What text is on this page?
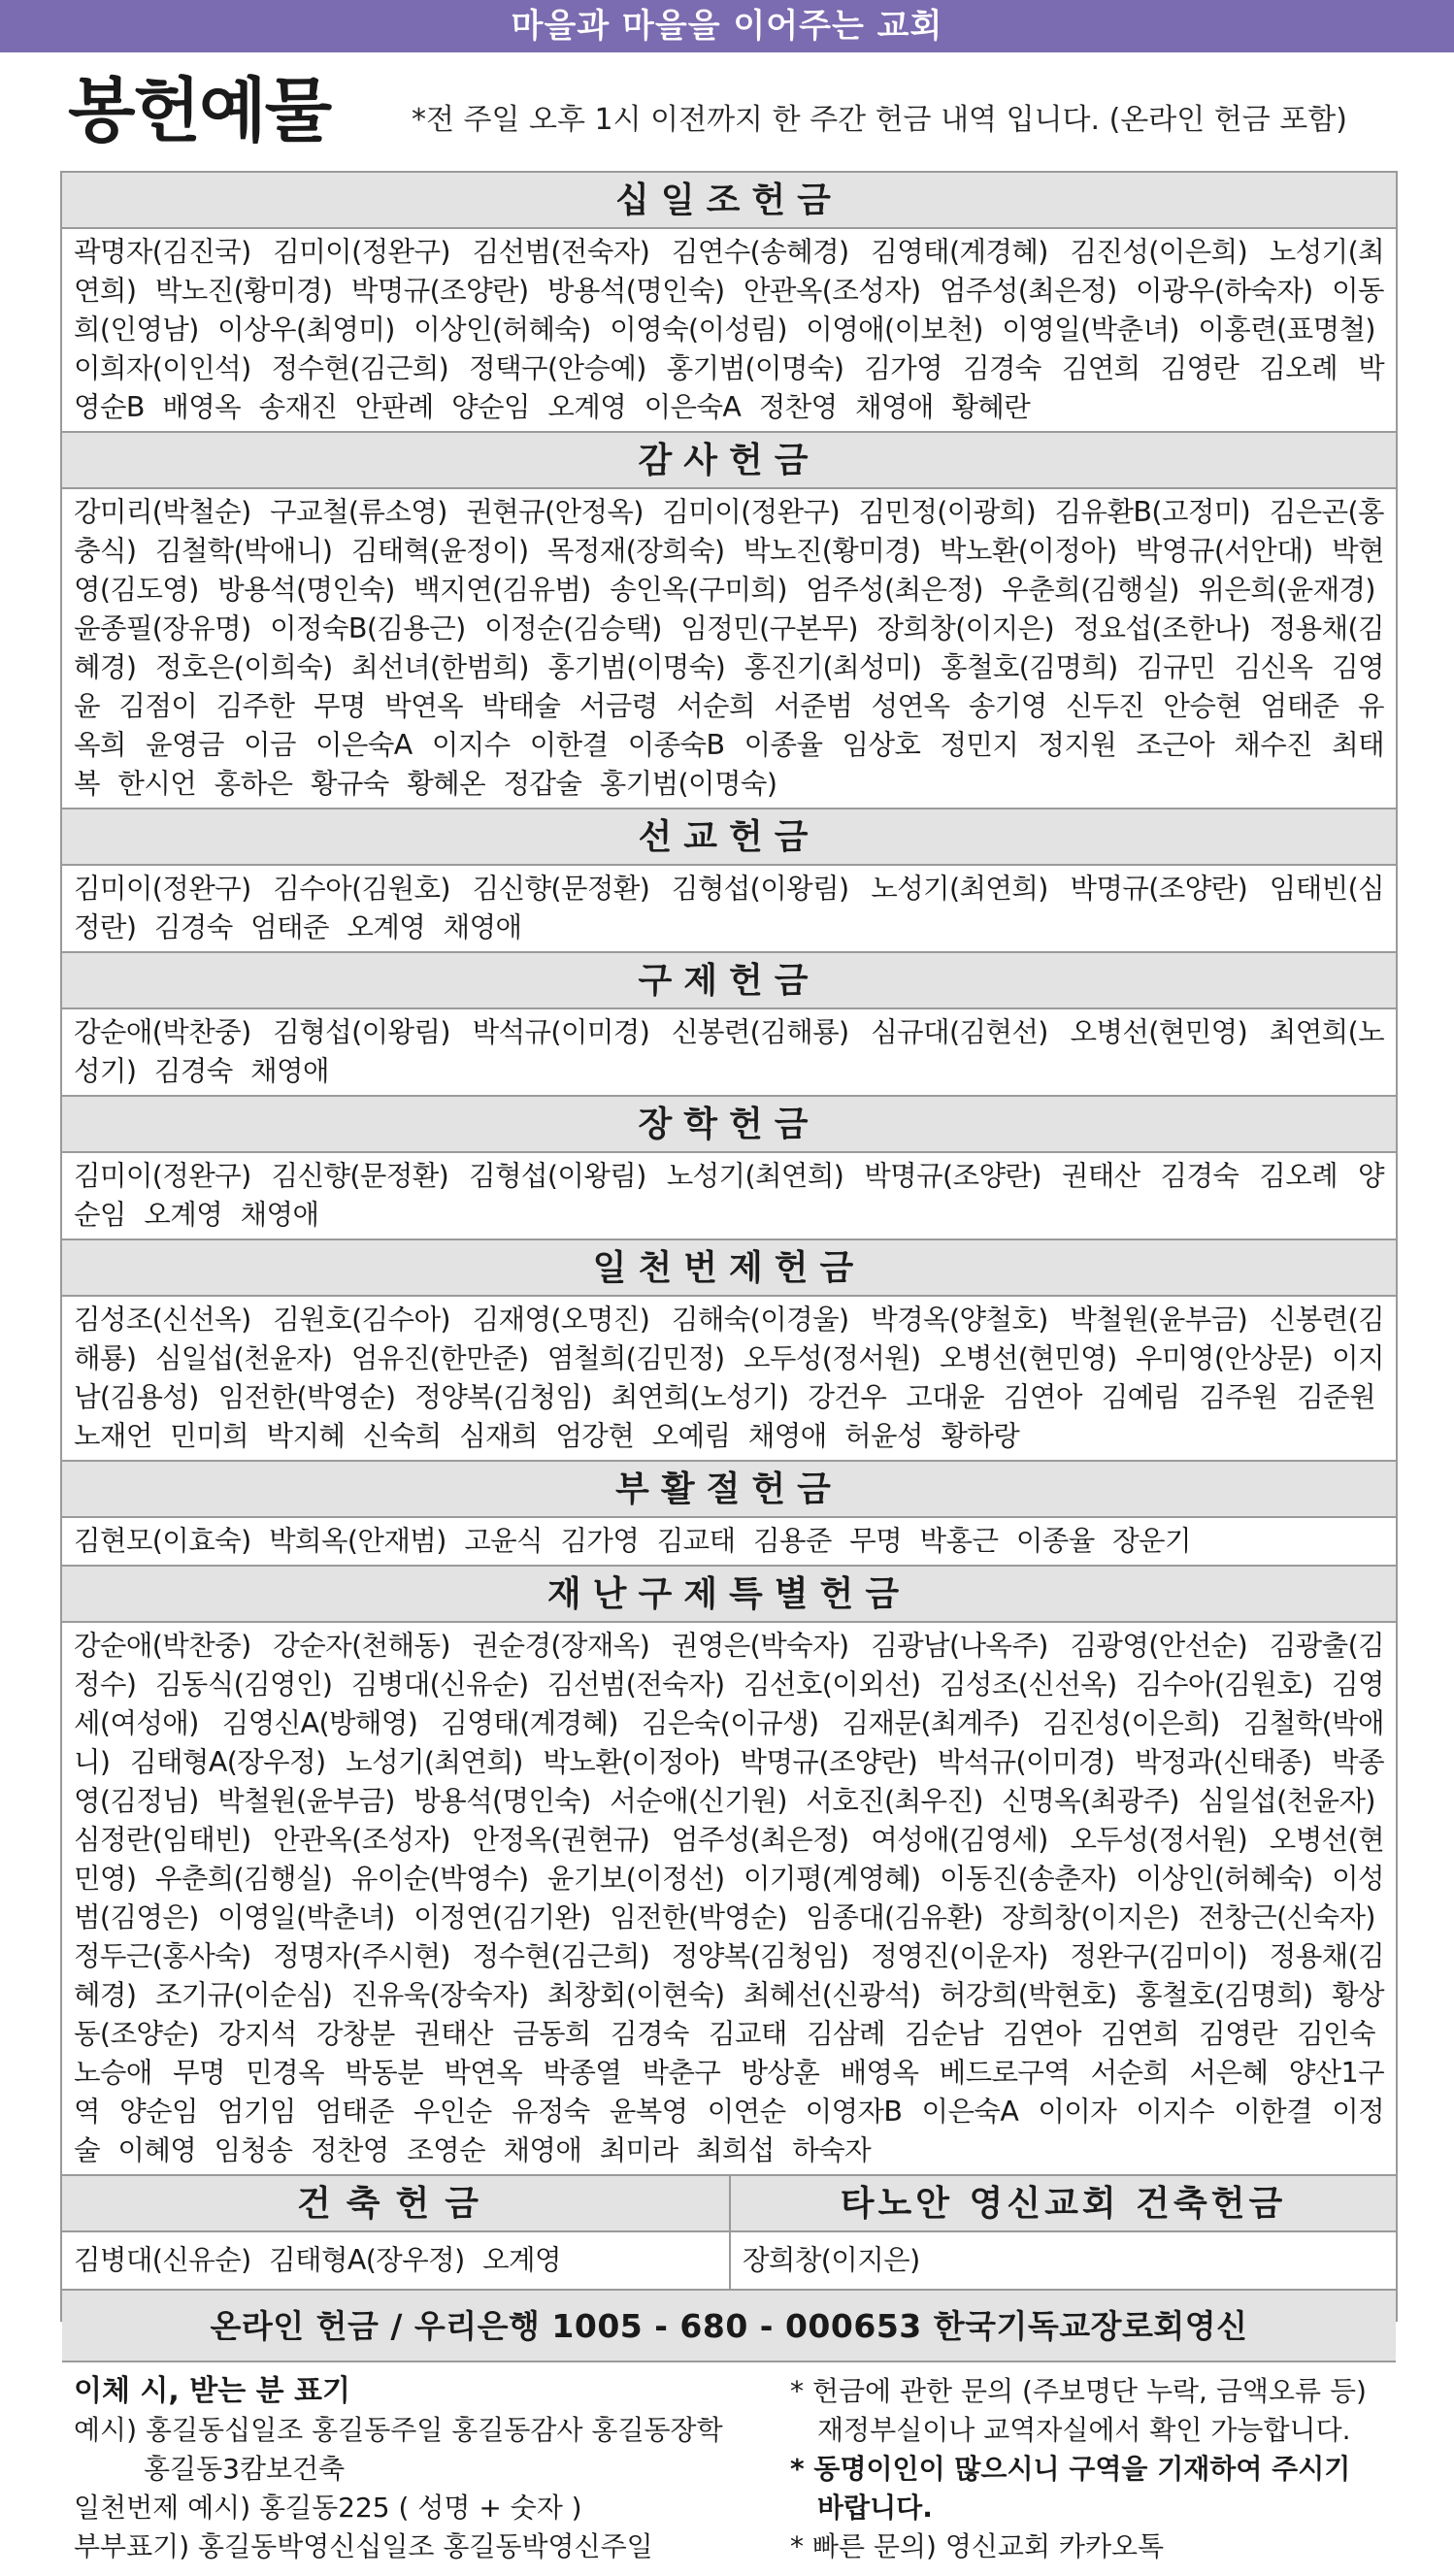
마을과 마을을 이어주는 교회
봉헌예물	*전 주일 오후 1시 이전까지 한 주간 헌금 내역 입니다. (온라인 헌금 포함)
십일조헌금
곽명자(김진국) 김미이(정완구) 김선범(전숙자) 김연수(송혜경) 김영태(계경혜) 김진성(이은희) 노성기(최연희) 박노진(황미경) 박명규(조양란) 방용석(명인숙) 안관옥(조성자) 엄주성(최은정) 이광우(하숙자) 이동희(인영남) 이상우(최영미) 이상인(허혜숙) 이영숙(이성림) 이영애(이보천) 이영일(박춘녀) 이홍련(표명철) 이희자(이인석) 정수현(김근희) 정택구(안승예) 홍기범(이명숙) 김가영 김경숙 김연희 김영란 김오례 박영순B 배영옥 송재진 안판례 양순임 오계영 이은숙A 정찬영 채영애 황혜란
감사헌금
강미리(박철순) 구교철(류소영) 권현규(안정옥) 김미이(정완구) 김민정(이광희) 김유환B(고정미) 김은곤(홍충식) 김철학(박애니) 김태혁(윤정이) 목정재(장희숙) 박노진(황미경) 박노환(이정아) 박영규(서안대) 박현영(김도영) 방용석(명인숙) 백지연(김유범) 송인옥(구미희) 엄주성(최은정) 우춘희(김행실) 위은희(윤재경) 윤종필(장유명) 이정숙B(김용근) 이정순(김승택) 임정민(구본무) 장희창(이지은) 정요섭(조한나) 정용채(김혜경) 정호은(이희숙) 최선녀(한범희) 홍기범(이명숙) 홍진기(최성미) 홍철호(김명희) 김규민 김신옥 김영윤 김점이 김주한 무명 박연옥 박태술 서금령 서순희 서준범 성연옥 송기영 신두진 안승현 엄태준 유옥희 윤영금 이금 이은숙A 이지수 이한결 이종숙B 이종율 임상호 정민지 정지원 조근아 채수진 최태복 한시언 홍하은 황규숙 황혜온 정갑술 홍기범(이명숙)
선교헌금
김미이(정완구) 김수아(김원호) 김신향(문정환) 김형섭(이왕림) 노성기(최연희) 박명규(조양란) 임태빈(심정란) 김경숙 엄태준 오계영 채영애
구제헌금
강순애(박찬중) 김형섭(이왕림) 박석규(이미경) 신봉련(김해룡) 심규대(김현선) 오병선(현민영) 최연희(노성기) 김경숙 채영애
장학헌금
김미이(정완구) 김신향(문정환) 김형섭(이왕림) 노성기(최연희) 박명규(조양란) 권태산 김경숙 김오례 양순임 오계영 채영애
일천번제헌금
김성조(신선옥) 김원호(김수아) 김재영(오명진) 김해숙(이경울) 박경옥(양철호) 박철원(윤부금) 신봉련(김해룡) 심일섭(천윤자) 엄유진(한만준) 염철희(김민정) 오두성(정서원) 오병선(현민영) 우미영(안상문) 이지남(김용성) 임전한(박영순) 정양복(김청임) 최연희(노성기) 강건우 고대윤 김연아 김예림 김주원 김준원 노재언 민미희 박지혜 신숙희 심재희 엄강현 오예림 채영애 허윤성 황하랑
부활절헌금
김현모(이효숙) 박희옥(안재범) 고윤식 김가영 김교태 김용준 무명 박홍근 이종율 장운기
재난구제특별헌금
강순애(박찬중) 강순자(천해동) 권순경(장재옥) 권영은(박숙자) 김광남(나옥주) 김광영(안선순) 김광출(김정수) 김동식(김영인) 김병대(신유순) 김선범(전숙자) 김선호(이외선) 김성조(신선옥) 김수아(김원호) 김영세(여성애) 김영신A(방해영) 김영태(계경혜) 김은숙(이규생) 김재문(최계주) 김진성(이은희) 김철학(박애니) 김태형A(장우정) 노성기(최연희) 박노환(이정아) 박명규(조양란) 박석규(이미경) 박정과(신태종) 박종영(김정님) 박철원(윤부금) 방용석(명인숙) 서순애(신기원) 서호진(최우진) 신명옥(최광주) 심일섭(천윤자) 심정란(임태빈) 안관옥(조성자) 안정옥(권현규) 엄주성(최은정) 여성애(김영세) 오두성(정서원) 오병선(현민영) 우춘희(김행실) 유이순(박영수) 윤기보(이정선) 이기평(계영혜) 이동진(송춘자) 이상인(허혜숙) 이성범(김영은) 이영일(박춘녀) 이정연(김기완) 임전한(박영순) 임종대(김유환) 장희창(이지은) 전창근(신숙자) 정두근(홍사숙) 정명자(주시현) 정수현(김근희) 정양복(김청임) 정영진(이운자) 정완구(김미이) 정용채(김혜경) 조기규(이순심) 진유욱(장숙자) 최창회(이현숙) 최혜선(신광석) 허강희(박현호) 홍철호(김명희) 황상동(조양순) 강지석 강창분 권태산 금동희 김경숙 김교태 김삼례 김순남 김연아 김연희 김영란 김인숙 노승애 무명 민경옥 박동분 박연옥 박종열 박춘구 방상훈 배영옥 베드로구역 서순희 서은혜 양산1구역 양순임 엄기임 엄태준 우인순 유정숙 윤복영 이연순 이영자B 이은숙A 이이자 이지수 이한결 이정술 이혜영 임청송 정찬영 조영순 채영애 최미라 최희섭 하숙자
건축헌금
김병대(신유순) 김태형A(장우정) 오계영
타노안 영신교회 건축헌금
장희창(이지은)
온라인 헌금 / 우리은행 1005 - 680 - 000653 한국기독교장로회영신
이체 시, 받는 분 표기
예시) 홍길동십일조 홍길동주일 홍길동감사 홍길동장학
홍길동3캄보건축
일천번제 예시) 홍길동225 ( 성명 + 숫자 )
부부표기) 홍길동박영신십일조 홍길동박영신주일
* 헌금에 관한 문의 (주보명단 누락, 금액오류 등) 재정부실이나 교역자실에서 확인 가능합니다.
* 동명이인이 많으시니 구역을 기재하여 주시기 바랍니다.
* 빠른 문의) 영신교회 카카오톡
